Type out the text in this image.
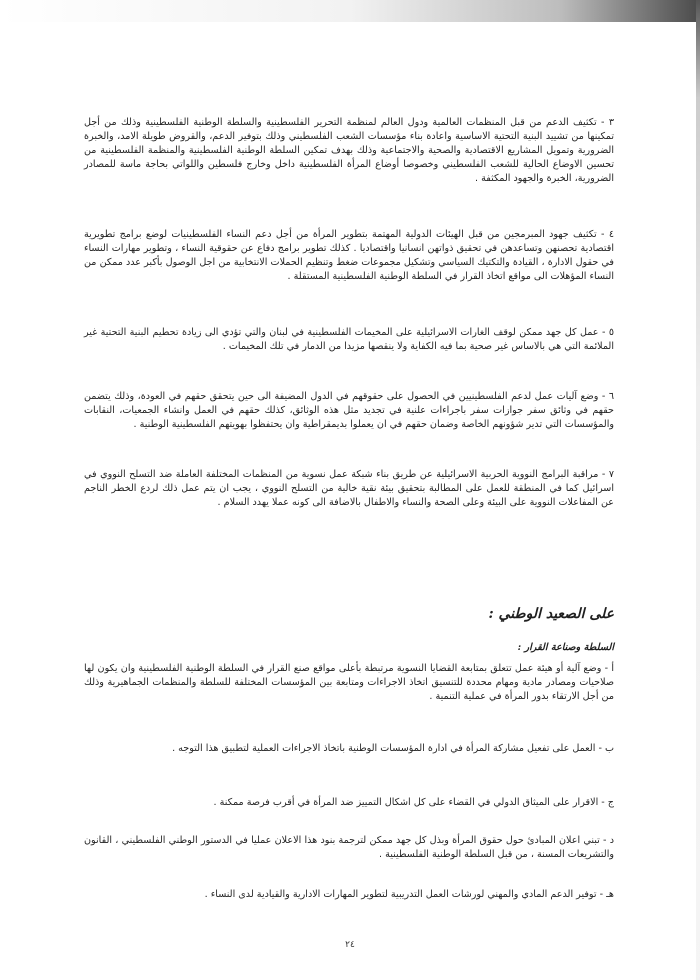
٣ - تكثيف الدعم من قبل المنظمات العالمية ودول العالم لمنظمة التحرير الفلسطينية والسلطة الوطنية الفلسطينية وذلك من أجل تمكينها من تشييد البنية التحتية الاساسية واعادة بناء مؤسسات الشعب الفلسطيني وذلك بتوفير الدعم، والقروض طويلة الامد، والخبرة الضرورية وتمويل المشاريع الاقتصادية والصحية والاجتماعية وذلك بهدف تمكين السلطة الوطنية الفلسطينية والمنظمة الفلسطينية من تحسين الاوضاع الحالية للشعب الفلسطيني وخصوصا أوضاع المرأة الفلسطينية داخل وخارج فلسطين واللواتي بحاجة ماسة للمصادر الضرورية، الخبرة والجهود المكثفة .

٤ - تكثيف جهود المبرمجين من قبل الهيئات الدولية المهتمة بتطوير المرأة من أجل دعم النساء الفلسطينيات لوضع برامج تطويرية اقتصادية تحصنهن وتساعدهن في تحقيق ذواتهن انسانيا واقتصاديا . كذلك تطوير برامج دفاع عن حقوقية النساء ، وتطوير مهارات النساء في حقول الادارة ، القيادة والتكتيك السياسي وتشكيل مجموعات ضغط وتنظيم الحملات الانتخابية من اجل الوصول بأكبر عدد ممكن من النساء المؤهلات الى مواقع اتخاذ القرار في السلطة الوطنية الفلسطينية المستقلة .

٥ - عمل كل جهد ممكن لوقف الغارات الاسرائيلية على المخيمات الفلسطينية في لبنان والتي تؤدي الى زيادة تحطيم البنية التحتية غير الملائمة التي هي بالاساس غير صحية بما فيه الكفاية ولا ينقصها مزيدا من الدمار في تلك المخيمات .

٦ - وضع آليات عمل لدعم الفلسطينيين في الحصول على حقوقهم في الدول المضيفة الى حين يتحقق حقهم في العودة، وذلك يتضمن حقهم في وثائق سفر جوازات سفر باجراءات علنية في تجديد مثل هذه الوثائق، كذلك حقهم في العمل وانشاء الجمعيات، النقابات والمؤسسات التي تدير شؤونهم الخاصة وضمان حقهم في ان يعملوا بديمقراطية وان يحتفظوا بهويتهم الفلسطينية الوطنية .

٧ - مراقبة البرامج النووية الحربية الاسرائيلية عن طريق بناء شبكة عمل نسوية من المنظمات المختلفة العاملة ضد التسلح النووي في اسرائيل كما في المنطقة للعمل على المطالبة بتحقيق بيئة نقية خالية من التسلح النووي ، يجب ان يتم عمل ذلك لردع الخطر الناجم عن المفاعلات النووية على البيئة وعلى الصحة والنساء والاطفال بالاضافة الى كونه عملا يهدد السلام .

على الصعيد الوطني :
السلطة وصناعة القرار :

أ - وضع آلية أو هيئة عمل تتعلق بمتابعة القضايا النسوية مرتبطة بأعلى مواقع صنع القرار في السلطة الوطنية الفلسطينية وان يكون لها صلاحيات ومصادر مادية ومهام محددة للتنسيق اتخاذ الاجراءات ومتابعة بين المؤسسات المختلفة للسلطة والمنظمات الجماهيرية وذلك من أجل الارتقاء بدور المرأة في عملية التنمية .

ب - العمل على تفعيل مشاركة المرأة في ادارة المؤسسات الوطنية باتخاذ الاجراءات العملية لتطبيق هذا التوجه .

ج - الاقرار على الميثاق الدولي في القضاء على كل اشكال التمييز ضد المرأة في أقرب فرصة ممكنة .

د - تبني اعلان المبادئ حول حقوق المرأة وبذل كل جهد ممكن لترجمة بنود هذا الاعلان عمليا في الدستور الوطني الفلسطيني ، القانون والتشريعات المسنة ، من قبل السلطة الوطنية الفلسطينية .

هـ - توفير الدعم المادي والمهني لورشات العمل التدريبية لتطوير المهارات الادارية والقيادية لدى النساء .

٢٤
